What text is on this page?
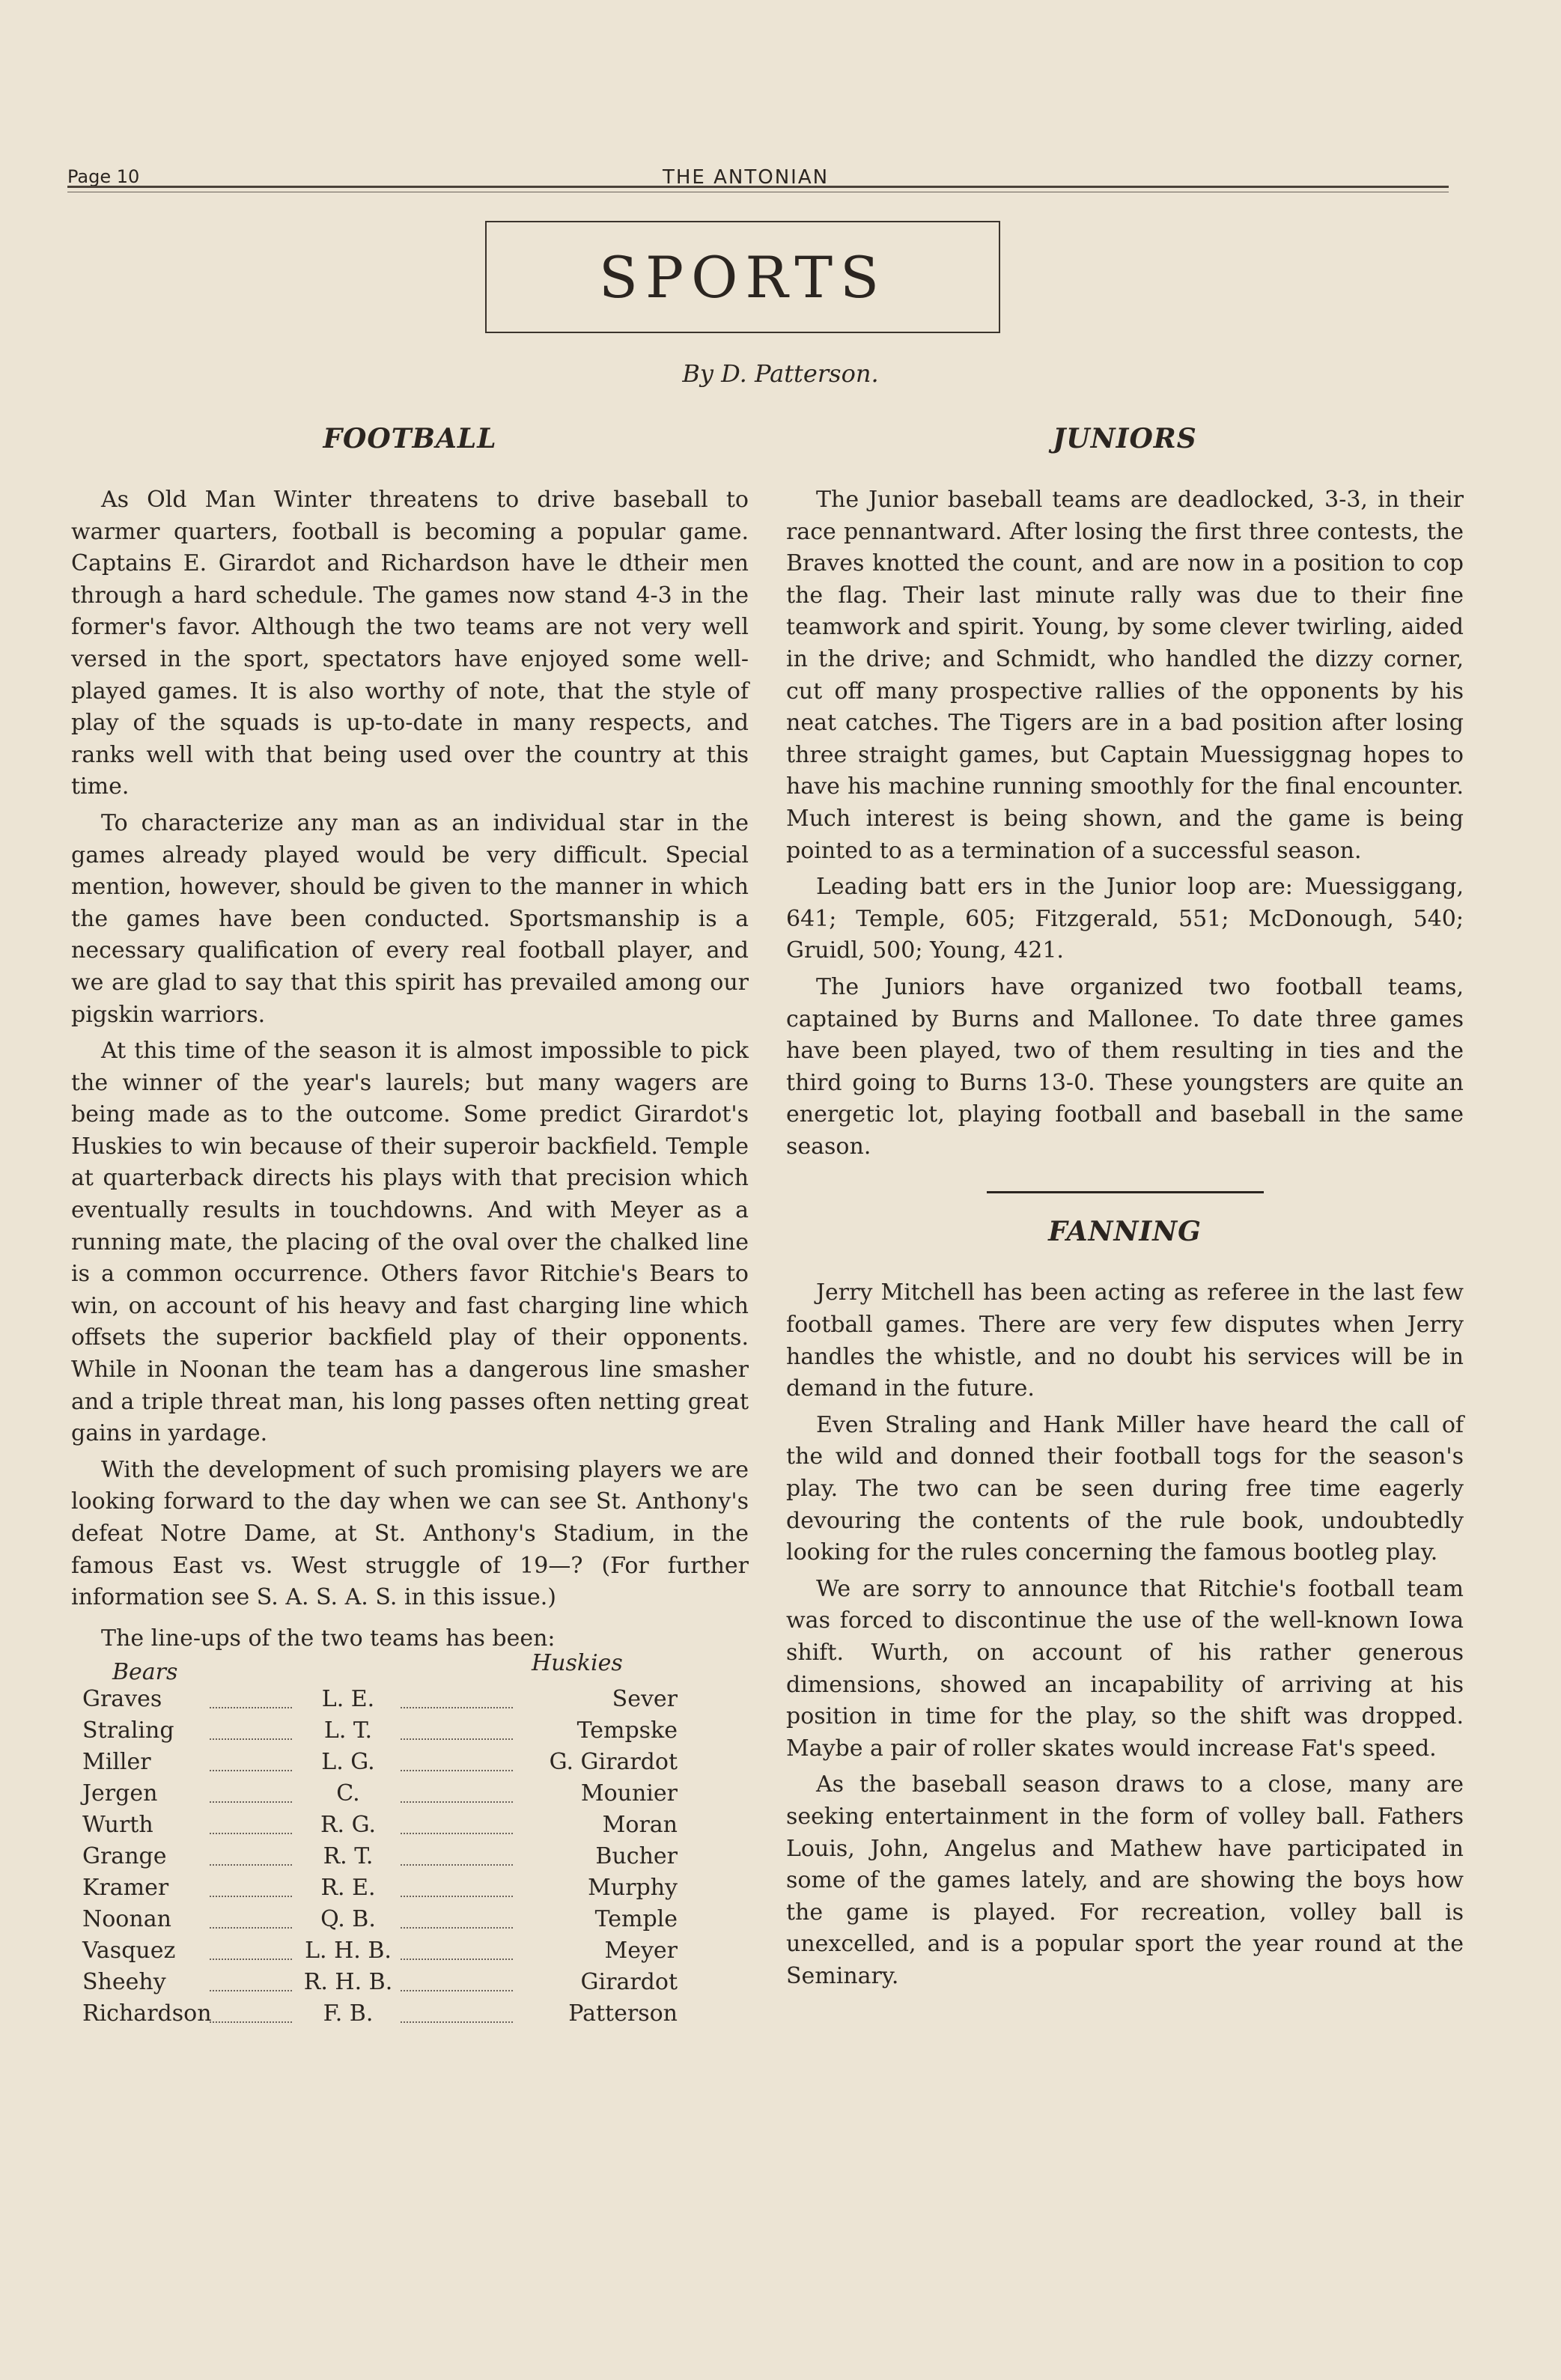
Page 10	THE ANTONIAN
SPORTS
By D. Patterson.
FOOTBALL

As Old Man Winter threatens to drive baseball to warmer quarters, football is becoming a popular game. Captains E. Girardot and Richardson have le dtheir men through a hard schedule. The games now stand 4-3 in the former's favor. Although the two teams are not very well versed in the sport, spectators have enjoyed some well-played games. It is also worthy of note, that the style of play of the squads is up-to-date in many respects, and ranks well with that being used over the country at this time.

To characterize any man as an individual star in the games already played would be very difficult. Special mention, however, should be given to the manner in which the games have been conducted. Sportsmanship is a necessary qualification of every real football player, and we are glad to say that this spirit has prevailed among our pigskin warriors.

At this time of the season it is almost impossible to pick the winner of the year's laurels; but many wagers are being made as to the outcome. Some predict Girardot's Huskies to win because of their superoir backfield. Temple at quarterback directs his plays with that precision which eventually results in touchdowns. And with Meyer as a running mate, the placing of the oval over the chalked line is a common occurrence. Others favor Ritchie's Bears to win, on account of his heavy and fast charging line which offsets the superior backfield play of their opponents. While in Noonan the team has a dangerous line smasher and a triple threat man, his long passes often netting great gains in yardage.

With the development of such promising players we are looking forward to the day when we can see St. Anthony's defeat Notre Dame, at St. Anthony's Stadium, in the famous East vs. West struggle of 19—? (For further information see S. A. S. A. S. in this issue.)

The line-ups of the two teams has been:

Bears	Huskies
Graves	L. E.	Sever
Straling	L. T.	Tempske
Miller	L. G.	G. Girardot
Jergen	C.	Mounier
Wurth	R. G.	Moran
Grange	R. T.	Bucher
Kramer	R. E.	Murphy
Noonan	Q. B.	Temple
Vasquez	L. H. B.	Meyer
Sheehy	R. H. B.	Girardot
Richardson	F. B.	Patterson
JUNIORS

The Junior baseball teams are deadlocked, 3-3, in their race pennantward. After losing the first three contests, the Braves knotted the count, and are now in a position to cop the flag. Their last minute rally was due to their fine teamwork and spirit. Young, by some clever twirling, aided in the drive; and Schmidt, who handled the dizzy corner, cut off many prospective rallies of the opponents by his neat catches. The Tigers are in a bad position after losing three straight games, but Captain Muessiggnag hopes to have his machine running smoothly for the final encounter. Much interest is being shown, and the game is being pointed to as a termination of a successful season.

Leading batt ers in the Junior loop are: Muessiggang, 641; Temple, 605; Fitzgerald, 551; McDonough, 540; Gruidl, 500; Young, 421.

The Juniors have organized two football teams, captained by Burns and Mallonee. To date three games have been played, two of them resulting in ties and the third going to Burns 13-0. These youngsters are quite an energetic lot, playing football and baseball in the same season.

FANNING

Jerry Mitchell has been acting as referee in the last few football games. There are very few disputes when Jerry handles the whistle, and no doubt his services will be in demand in the future.

Even Straling and Hank Miller have heard the call of the wild and donned their football togs for the season's play. The two can be seen during free time eagerly devouring the contents of the rule book, undoubtedly looking for the rules concerning the famous bootleg play.

We are sorry to announce that Ritchie's football team was forced to discontinue the use of the well-known Iowa shift. Wurth, on account of his rather generous dimensions, showed an incapability of arriving at his position in time for the play, so the shift was dropped. Maybe a pair of roller skates would increase Fat's speed.

As the baseball season draws to a close, many are seeking entertainment in the form of volley ball. Fathers Louis, John, Angelus and Mathew have participated in some of the games lately, and are showing the boys how the game is played. For recreation, volley ball is unexcelled, and is a popular sport the year round at the Seminary.
